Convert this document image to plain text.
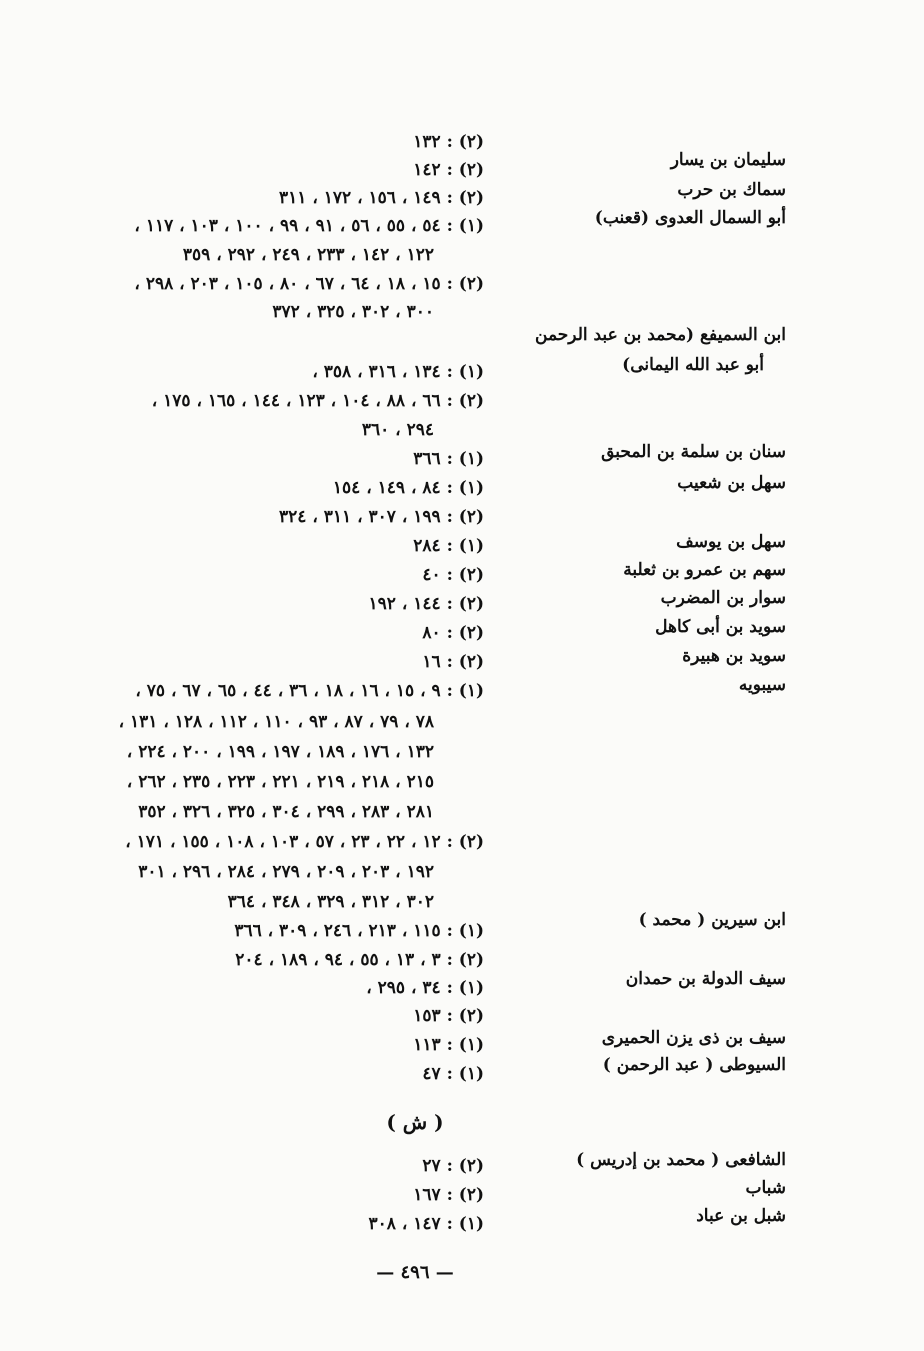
سليمان بن يسار
سماك بن حرب
أبو السمال العدوى (قعنب)
ابن السميفع (محمد بن عبد الرحمن
أبو عبد الله اليمانى)
سنان بن سلمة بن المحبق
سهل بن شعيب
سهل بن يوسف
سهم بن عمرو بن ثعلبة
سوار بن المضرب
سويد بن أبى كاهل
سويد بن هبيرة
سيبويه
ابن سيرين ( محمد )
سيف الدولة بن حمدان
سيف بن ذى يزن الحميرى
السيوطى ( عبد الرحمن )
الشافعى ( محمد بن إدريس )
شباب
شبل بن عباد
(٢) : ١٣٢
(٢) : ١٤٢
(٢) : ١٤٩ ، ١٥٦ ، ١٧٢ ، ٣١١
(١) : ٥٤ ، ٥٥ ، ٥٦ ، ٩١ ، ٩٩ ، ١٠٠ ، ١٠٣ ، ١١٧ ،
١٢٢ ، ١٤٢ ، ٢٣٣ ، ٢٤٩ ، ٢٩٢ ، ٣٥٩
(٢) : ١٥ ، ١٨ ، ٦٤ ، ٦٧ ، ٨٠ ، ١٠٥ ، ٢٠٣ ، ٢٩٨ ،
٣٠٠ ، ٣٠٢ ، ٣٢٥ ، ٣٧٢
(١) : ١٣٤ ، ٣١٦ ، ٣٥٨ ،
(٢) : ٦٦ ، ٨٨ ، ١٠٤ ، ١٢٣ ، ١٤٤ ، ١٦٥ ، ١٧٥ ،
٢٩٤ ، ٣٦٠
(١) : ٣٦٦
(١) : ٨٤ ، ١٤٩ ، ١٥٤
(٢) : ١٩٩ ، ٣٠٧ ، ٣١١ ، ٣٢٤
(١) : ٢٨٤
(٢) : ٤٠
(٢) : ١٤٤ ، ١٩٢
(٢) : ٨٠
(٢) : ١٦
(١) : ٩ ، ١٥ ، ١٦ ، ١٨ ، ٣٦ ، ٤٤ ، ٦٥ ، ٦٧ ، ٧٥ ،
٧٨ ، ٧٩ ، ٨٧ ، ٩٣ ، ١١٠ ، ١١٢ ، ١٢٨ ، ١٣١ ،
١٣٢ ، ١٧٦ ، ١٨٩ ، ١٩٧ ، ١٩٩ ، ٢٠٠ ، ٢٢٤ ،
٢١٥ ، ٢١٨ ، ٢١٩ ، ٢٢١ ، ٢٢٣ ، ٢٣٥ ، ٢٦٢ ،
٢٨١ ، ٢٨٣ ، ٢٩٩ ، ٣٠٤ ، ٣٢٥ ، ٣٢٦ ، ٣٥٢
(٢) : ١٢ ، ٢٢ ، ٢٣ ، ٥٧ ، ١٠٣ ، ١٠٨ ، ١٥٥ ، ١٧١ ،
١٩٢ ، ٢٠٣ ، ٢٠٩ ، ٢٧٩ ، ٢٨٤ ، ٢٩٦ ، ٣٠١
٣٠٢ ، ٣١٢ ، ٣٢٩ ، ٣٤٨ ، ٣٦٤
(١) : ١١٥ ، ٢١٣ ، ٢٤٦ ، ٣٠٩ ، ٣٦٦
(٢) : ٣ ، ١٣ ، ٥٥ ، ٩٤ ، ١٨٩ ، ٢٠٤
(١) : ٣٤ ، ٢٩٥ ،
(٢) : ١٥٣
(١) : ١١٣
(١) : ٤٧
(٢) : ٢٧
(٢) : ١٦٧
(١) : ١٤٧ ، ٣٠٨
( ش )
— ٤٩٦ —
